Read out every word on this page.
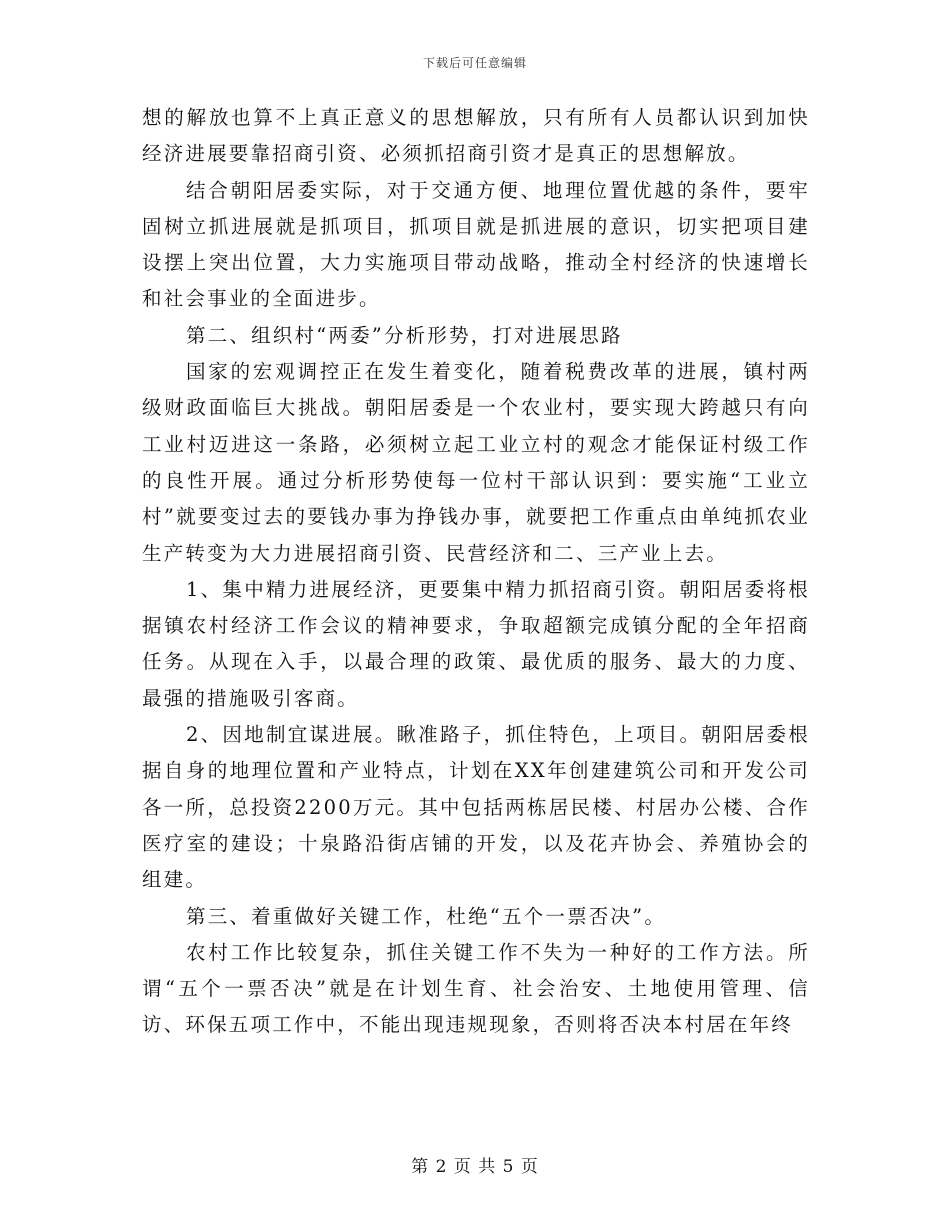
下载后可任意编辑

想的解放也算不上真正意义的思想解放，只有所有人员都认识到加快经济进展要靠招商引资、必须抓招商引资才是真正的思想解放。

结合朝阳居委实际，对于交通方便、地理位置优越的条件，要牢固树立抓进展就是抓项目，抓项目就是抓进展的意识，切实把项目建设摆上突出位置，大力实施项目带动战略，推动全村经济的快速增长和社会事业的全面进步。

第二、组织村“两委”分析形势，打对进展思路

国家的宏观调控正在发生着变化，随着税费改革的进展，镇村两级财政面临巨大挑战。朝阳居委是一个农业村，要实现大跨越只有向工业村迈进这一条路，必须树立起工业立村的观念才能保证村级工作的良性开展。通过分析形势使每一位村干部认识到：要实施“工业立村”就要变过去的要钱办事为挣钱办事，就要把工作重点由单纯抓农业生产转变为大力进展招商引资、民营经济和二、三产业上去。

1、集中精力进展经济，更要集中精力抓招商引资。朝阳居委将根据镇农村经济工作会议的精神要求，争取超额完成镇分配的全年招商任务。从现在入手，以最合理的政策、最优质的服务、最大的力度、最强的措施吸引客商。

2、因地制宜谋进展。瞅准路子，抓住特色，上项目。朝阳居委根据自身的地理位置和产业特点，计划在XX年创建建筑公司和开发公司各一所，总投资2200万元。其中包括两栋居民楼、村居办公楼、合作医疗室的建设；十泉路沿街店铺的开发，以及花卉协会、养殖协会的组建。

第三、着重做好关键工作，杜绝“五个一票否决”。

农村工作比较复杂，抓住关键工作不失为一种好的工作方法。所谓“五个一票否决”就是在计划生育、社会治安、土地使用管理、信访、环保五项工作中，不能出现违规现象，否则将否决本村居在年终

第 2 页 共 5 页
